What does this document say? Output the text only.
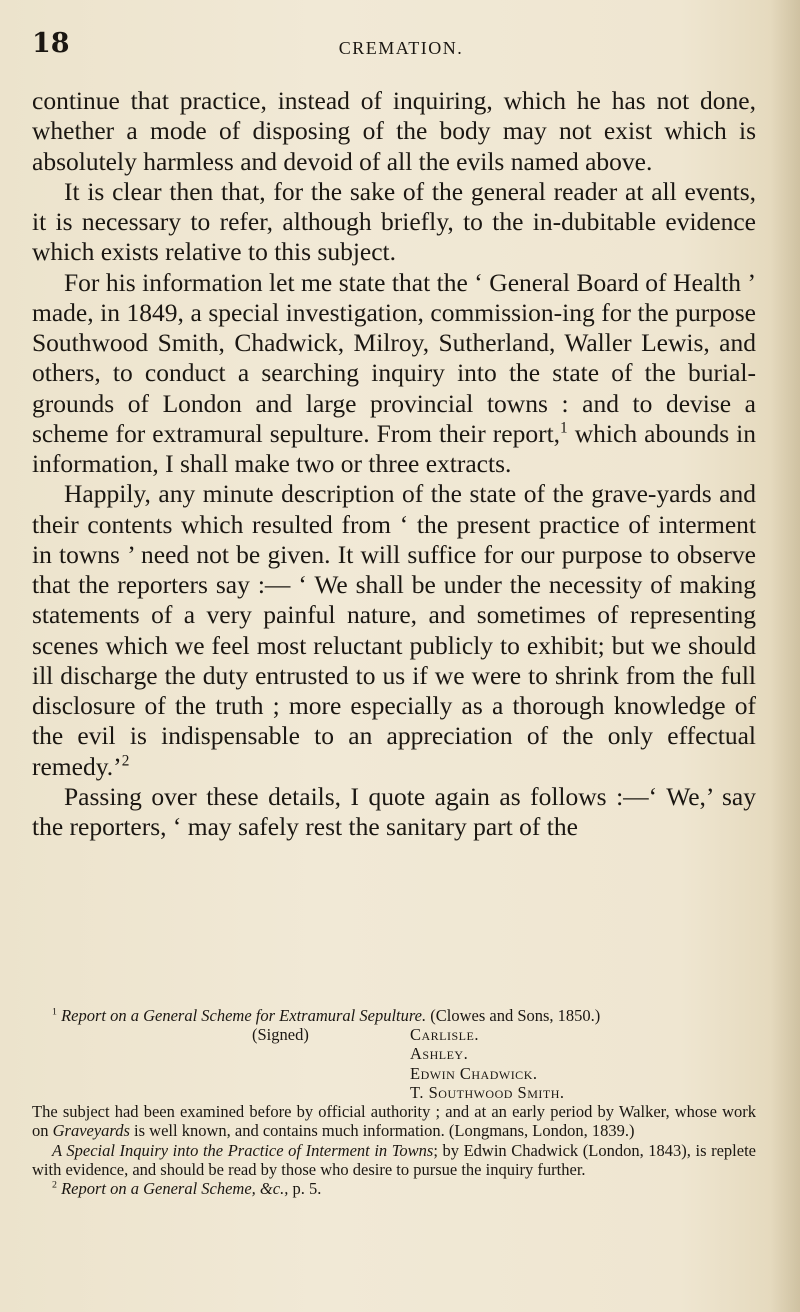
18	CREMATION.

continue that practice, instead of inquiring, which he has not done, whether a mode of disposing of the body may not exist which is absolutely harmless and devoid of all the evils named above.

It is clear then that, for the sake of the general reader at all events, it is necessary to refer, although briefly, to the in-dubitable evidence which exists relative to this subject.

For his information let me state that the ‘ General Board of Health ’ made, in 1849, a special investigation, commission-ing for the purpose Southwood Smith, Chadwick, Milroy, Sutherland, Waller Lewis, and others, to conduct a searching inquiry into the state of the burial-grounds of London and large provincial towns : and to devise a scheme for extramural sepulture. From their report,$^1$ which abounds in information, I shall make two or three extracts.

Happily, any minute description of the state of the grave-yards and their contents which resulted from ‘ the present practice of interment in towns ’ need not be given. It will suffice for our purpose to observe that the reporters say :— ‘ We shall be under the necessity of making statements of a very painful nature, and sometimes of representing scenes which we feel most reluctant publicly to exhibit; but we should ill discharge the duty entrusted to us if we were to shrink from the full disclosure of the truth ; more especially as a thorough knowledge of the evil is indispensable to an appreciation of the only effectual remedy.’$^2$

Passing over these details, I quote again as follows :—‘ We,’ say the reporters, ‘ may safely rest the sanitary part of the

$^1$ Report on a General Scheme for Extramural Sepulture. (Clowes and Sons, 1850.)

(Signed)	Carlisle.
Ashley.
Edwin Chadwick.
T. Southwood Smith.

The subject had been examined before by official authority ; and at an early period by Walker, whose work on Graveyards is well known, and contains much information. (Longmans, London, 1839.)

A Special Inquiry into the Practice of Interment in Towns; by Edwin Chadwick (London, 1843), is replete with evidence, and should be read by those who desire to pursue the inquiry further.

$^2$ Report on a General Scheme, &c., p. 5.
